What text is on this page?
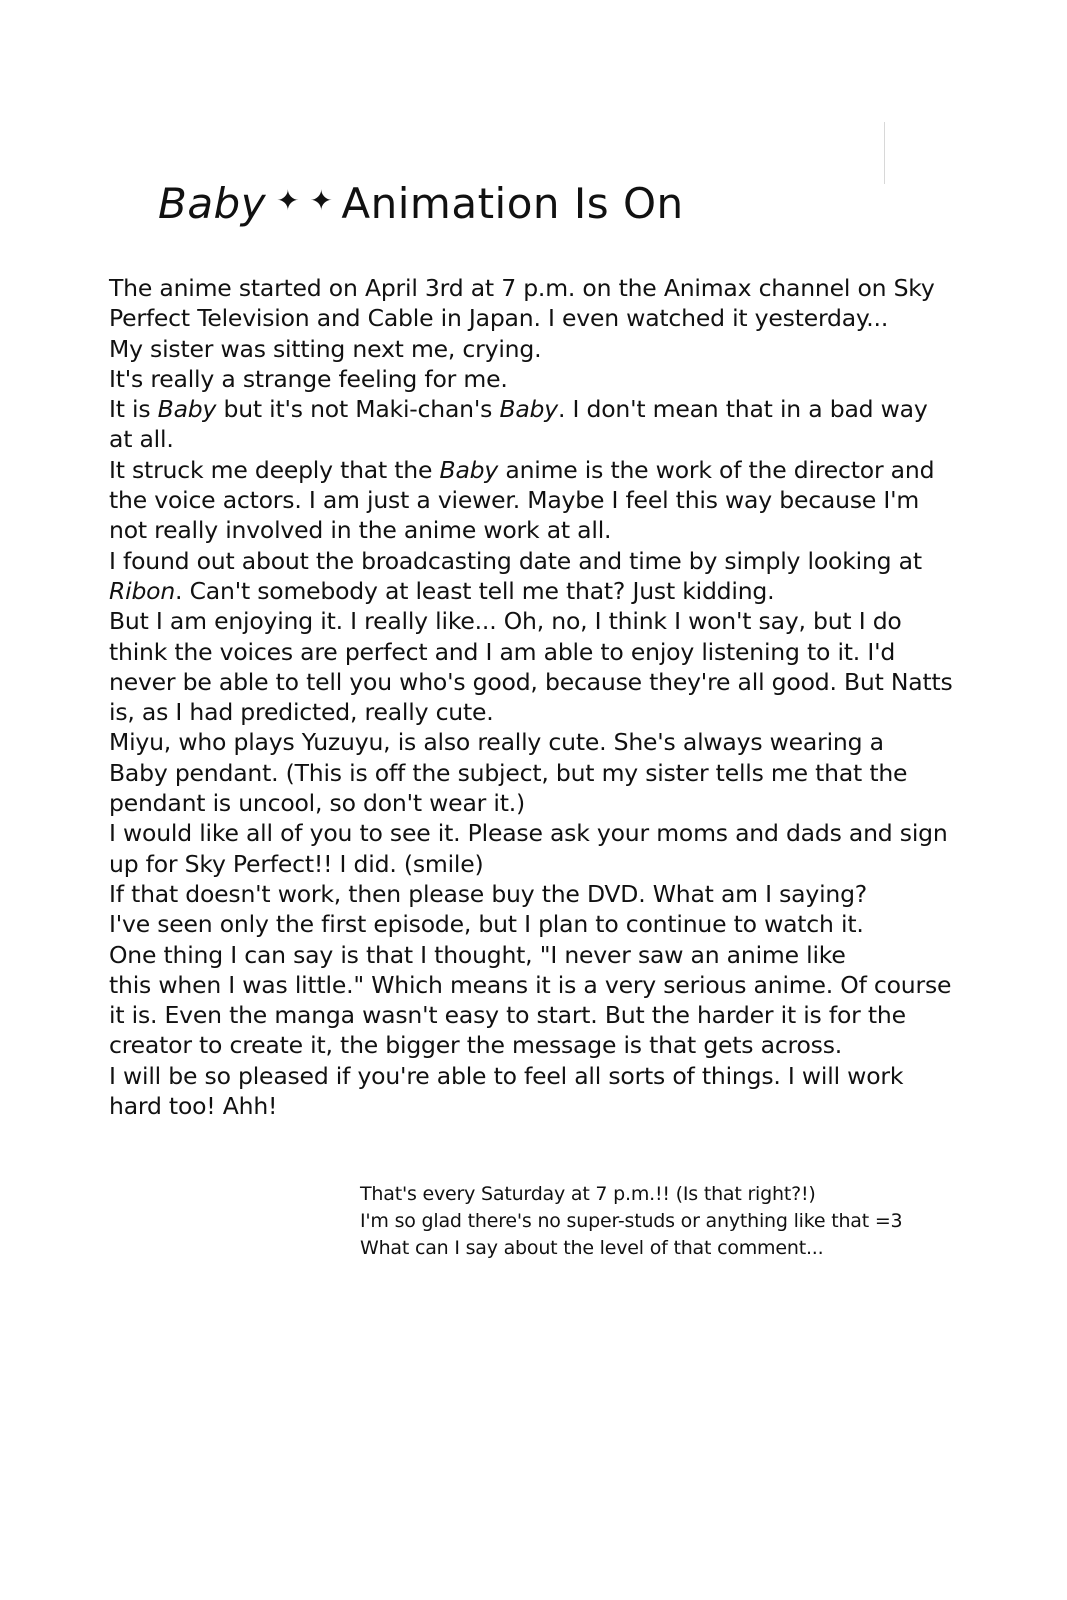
Baby ✦ ✦ Animation Is On
The anime started on April 3rd at 7 p.m. on the Animax channel on Sky
Perfect Television and Cable in Japan. I even watched it yesterday...
My sister was sitting next me, crying.
It's really a strange feeling for me.
It is Baby but it's not Maki-chan's Baby. I don't mean that in a bad way
at all.
It struck me deeply that the Baby anime is the work of the director and
the voice actors. I am just a viewer. Maybe I feel this way because I'm
not really involved in the anime work at all.
I found out about the broadcasting date and time by simply looking at
Ribon. Can't somebody at least tell me that? Just kidding.
But I am enjoying it. I really like... Oh, no, I think I won't say, but I do
think the voices are perfect and I am able to enjoy listening to it. I'd
never be able to tell you who's good, because they're all good. But Natts
is, as I had predicted, really cute.
Miyu, who plays Yuzuyu, is also really cute. She's always wearing a
Baby pendant. (This is off the subject, but my sister tells me that the
pendant is uncool, so don't wear it.)
I would like all of you to see it. Please ask your moms and dads and sign
up for Sky Perfect!! I did. (smile)
If that doesn't work, then please buy the DVD. What am I saying?
I've seen only the first episode, but I plan to continue to watch it.
One thing I can say is that I thought, "I never saw an anime like
this when I was little." Which means it is a very serious anime. Of course
it is. Even the manga wasn't easy to start. But the harder it is for the
creator to create it, the bigger the message is that gets across.
I will be so pleased if you're able to feel all sorts of things. I will work
hard too! Ahh!
That's every Saturday at 7 p.m.!! (Is that right?!)
I'm so glad there's no super-studs or anything like that =3
What can I say about the level of that comment...
